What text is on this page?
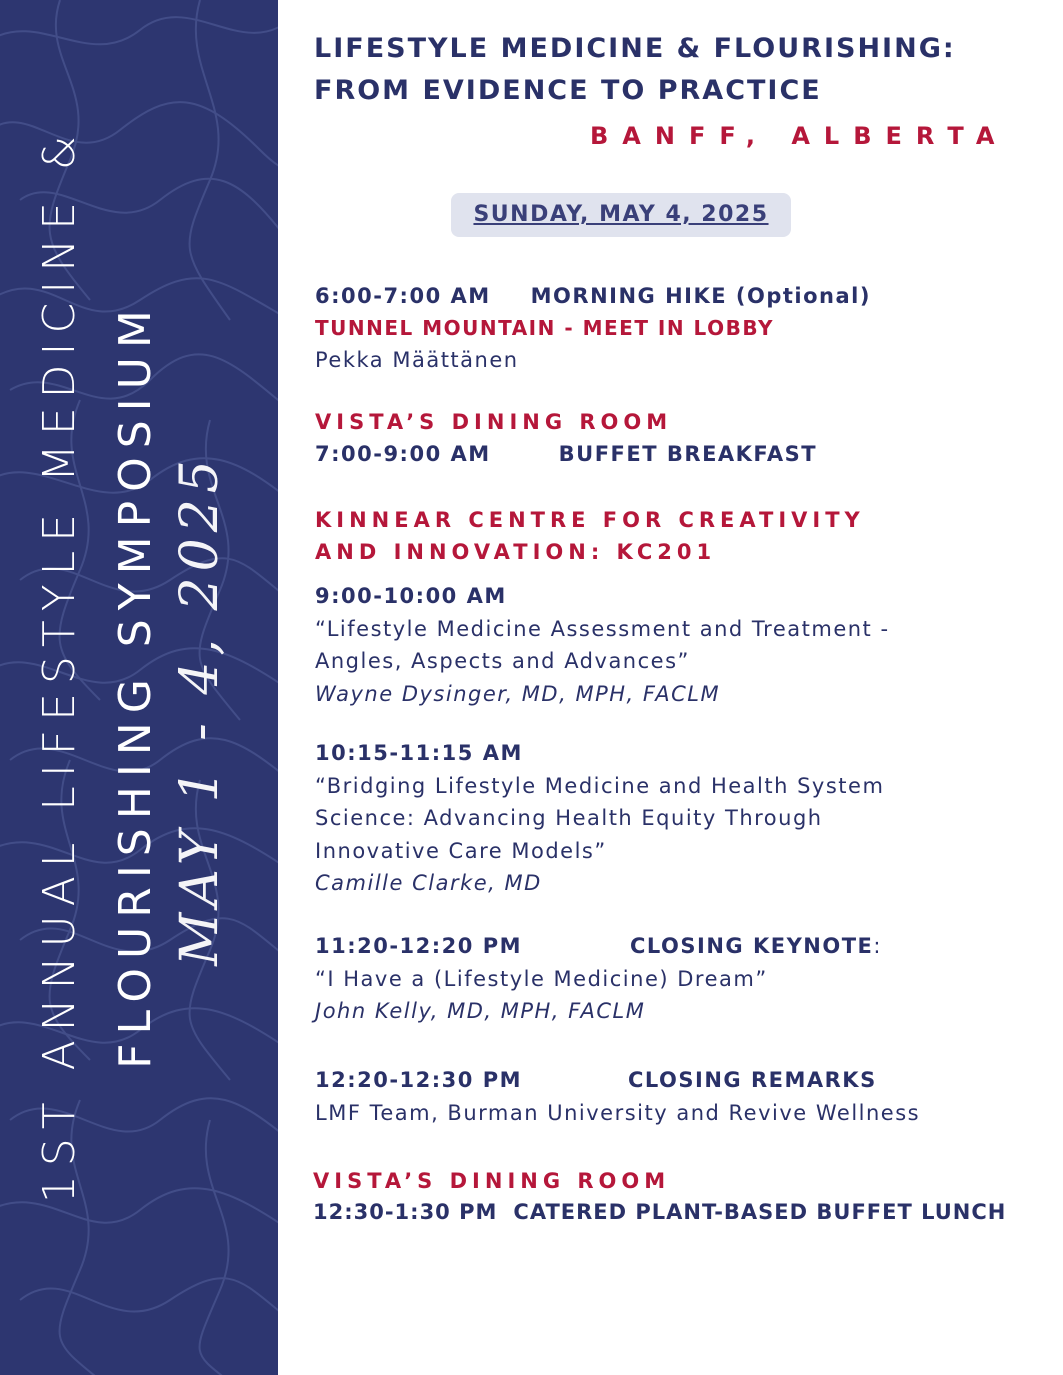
1ST ANNUAL LIFESTYLE MEDICINE & FLOURISHING SYMPOSIUM MAY 1 - 4, 2025
LIFESTYLE MEDICINE & FLOURISHING:
FROM EVIDENCE TO PRACTICE
BANFF, ALBERTA
SUNDAY, MAY 4, 2025
6:00-7:00 AM MORNING HIKE (Optional)
TUNNEL MOUNTAIN - MEET IN LOBBY
Pekka Määttänen
VISTA’S DINING ROOM
7:00-9:00 AM	BUFFET BREAKFAST
KINNEAR CENTRE FOR CREATIVITY
AND INNOVATION: KC201
9:00-10:00 AM
“Lifestyle Medicine Assessment and Treatment -
Angles, Aspects and Advances”
Wayne Dysinger, MD, MPH, FACLM
10:15-11:15 AM
“Bridging Lifestyle Medicine and Health System
Science: Advancing Health Equity Through
Innovative Care Models”
Camille Clarke, MD
11:20-12:20 PM	CLOSING KEYNOTE:
“I Have a (Lifestyle Medicine) Dream”
John Kelly, MD, MPH, FACLM
12:20-12:30 PM	CLOSING REMARKS
LMF Team, Burman University and Revive Wellness
VISTA’S DINING ROOM
12:30-1:30 PM CATERED PLANT-BASED BUFFET LUNCH
